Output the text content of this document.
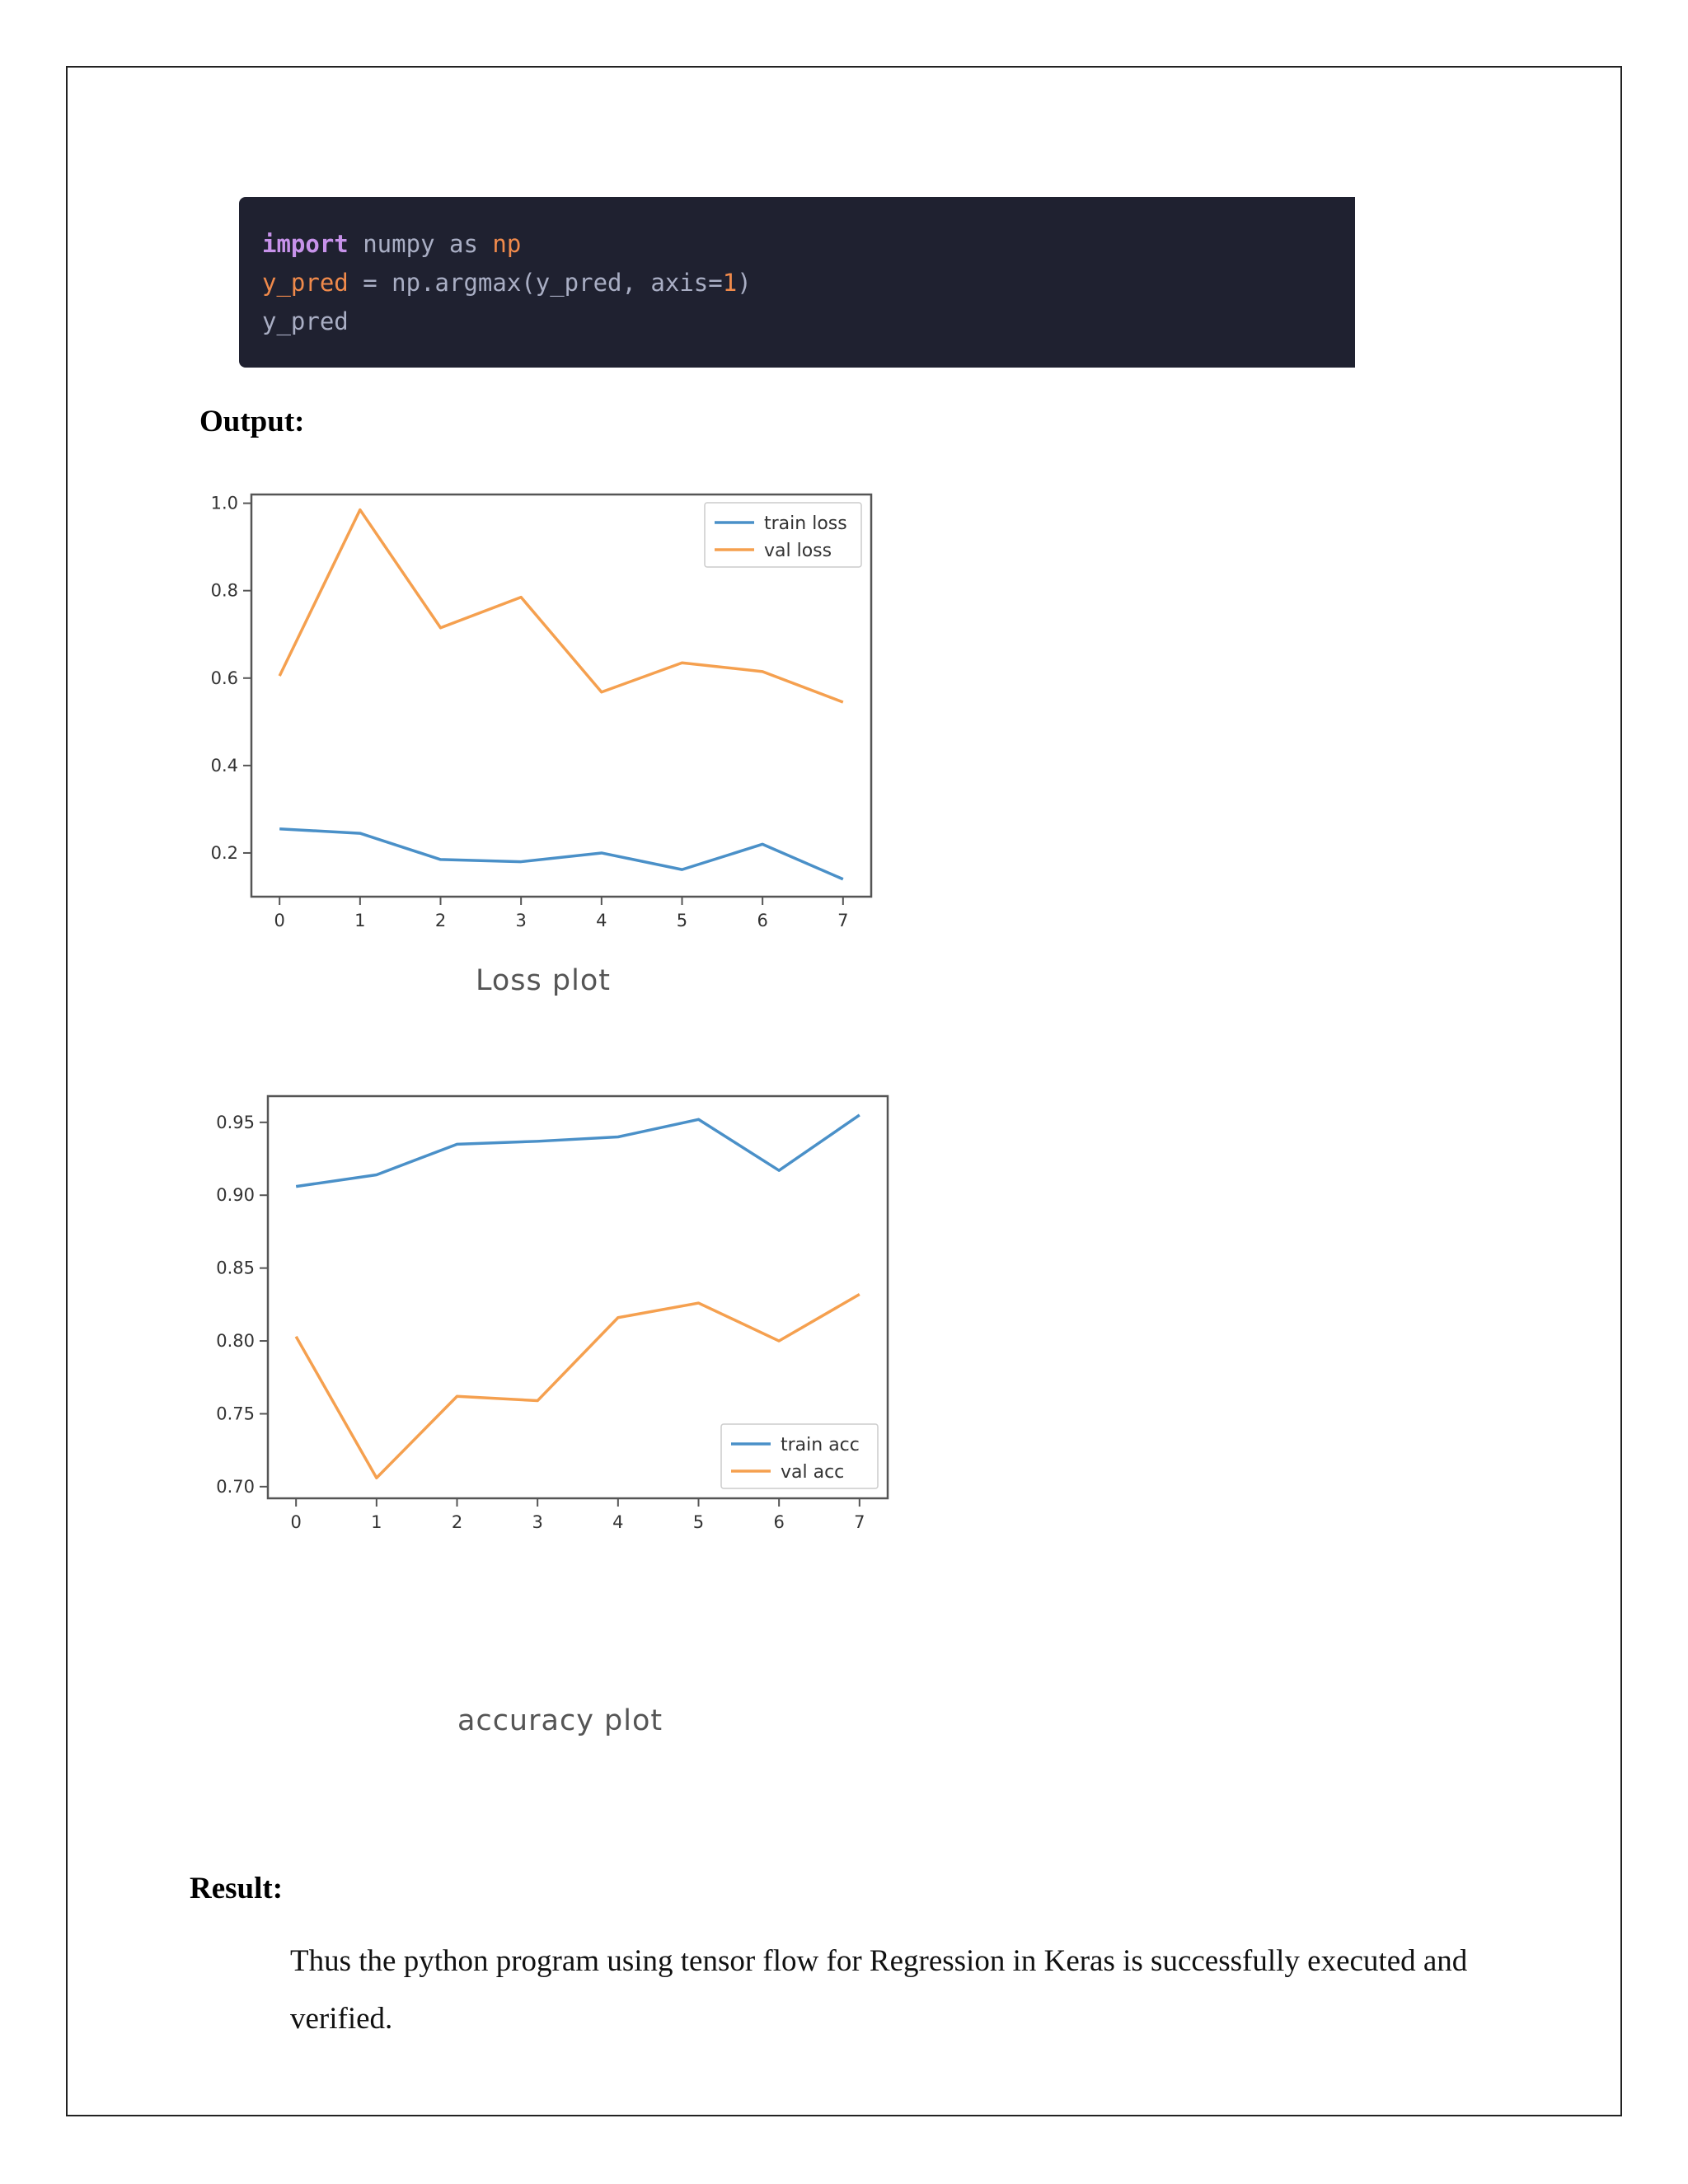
import numpy as np
y_pred = np.argmax(y_pred, axis=1)
y_pred
Output:
0.2
0.4
0.6
0.8
1.0
0	1	2	3	4	5	6	7
train loss
val loss
Loss plot
0.70
0.75
0.80
0.85
0.90
0.95
0	1	2	3	4	5	6	7
train acc
val acc
accuracy plot
Result:
Thus the python program using tensor flow for Regression in Keras is successfully executed and verified.
